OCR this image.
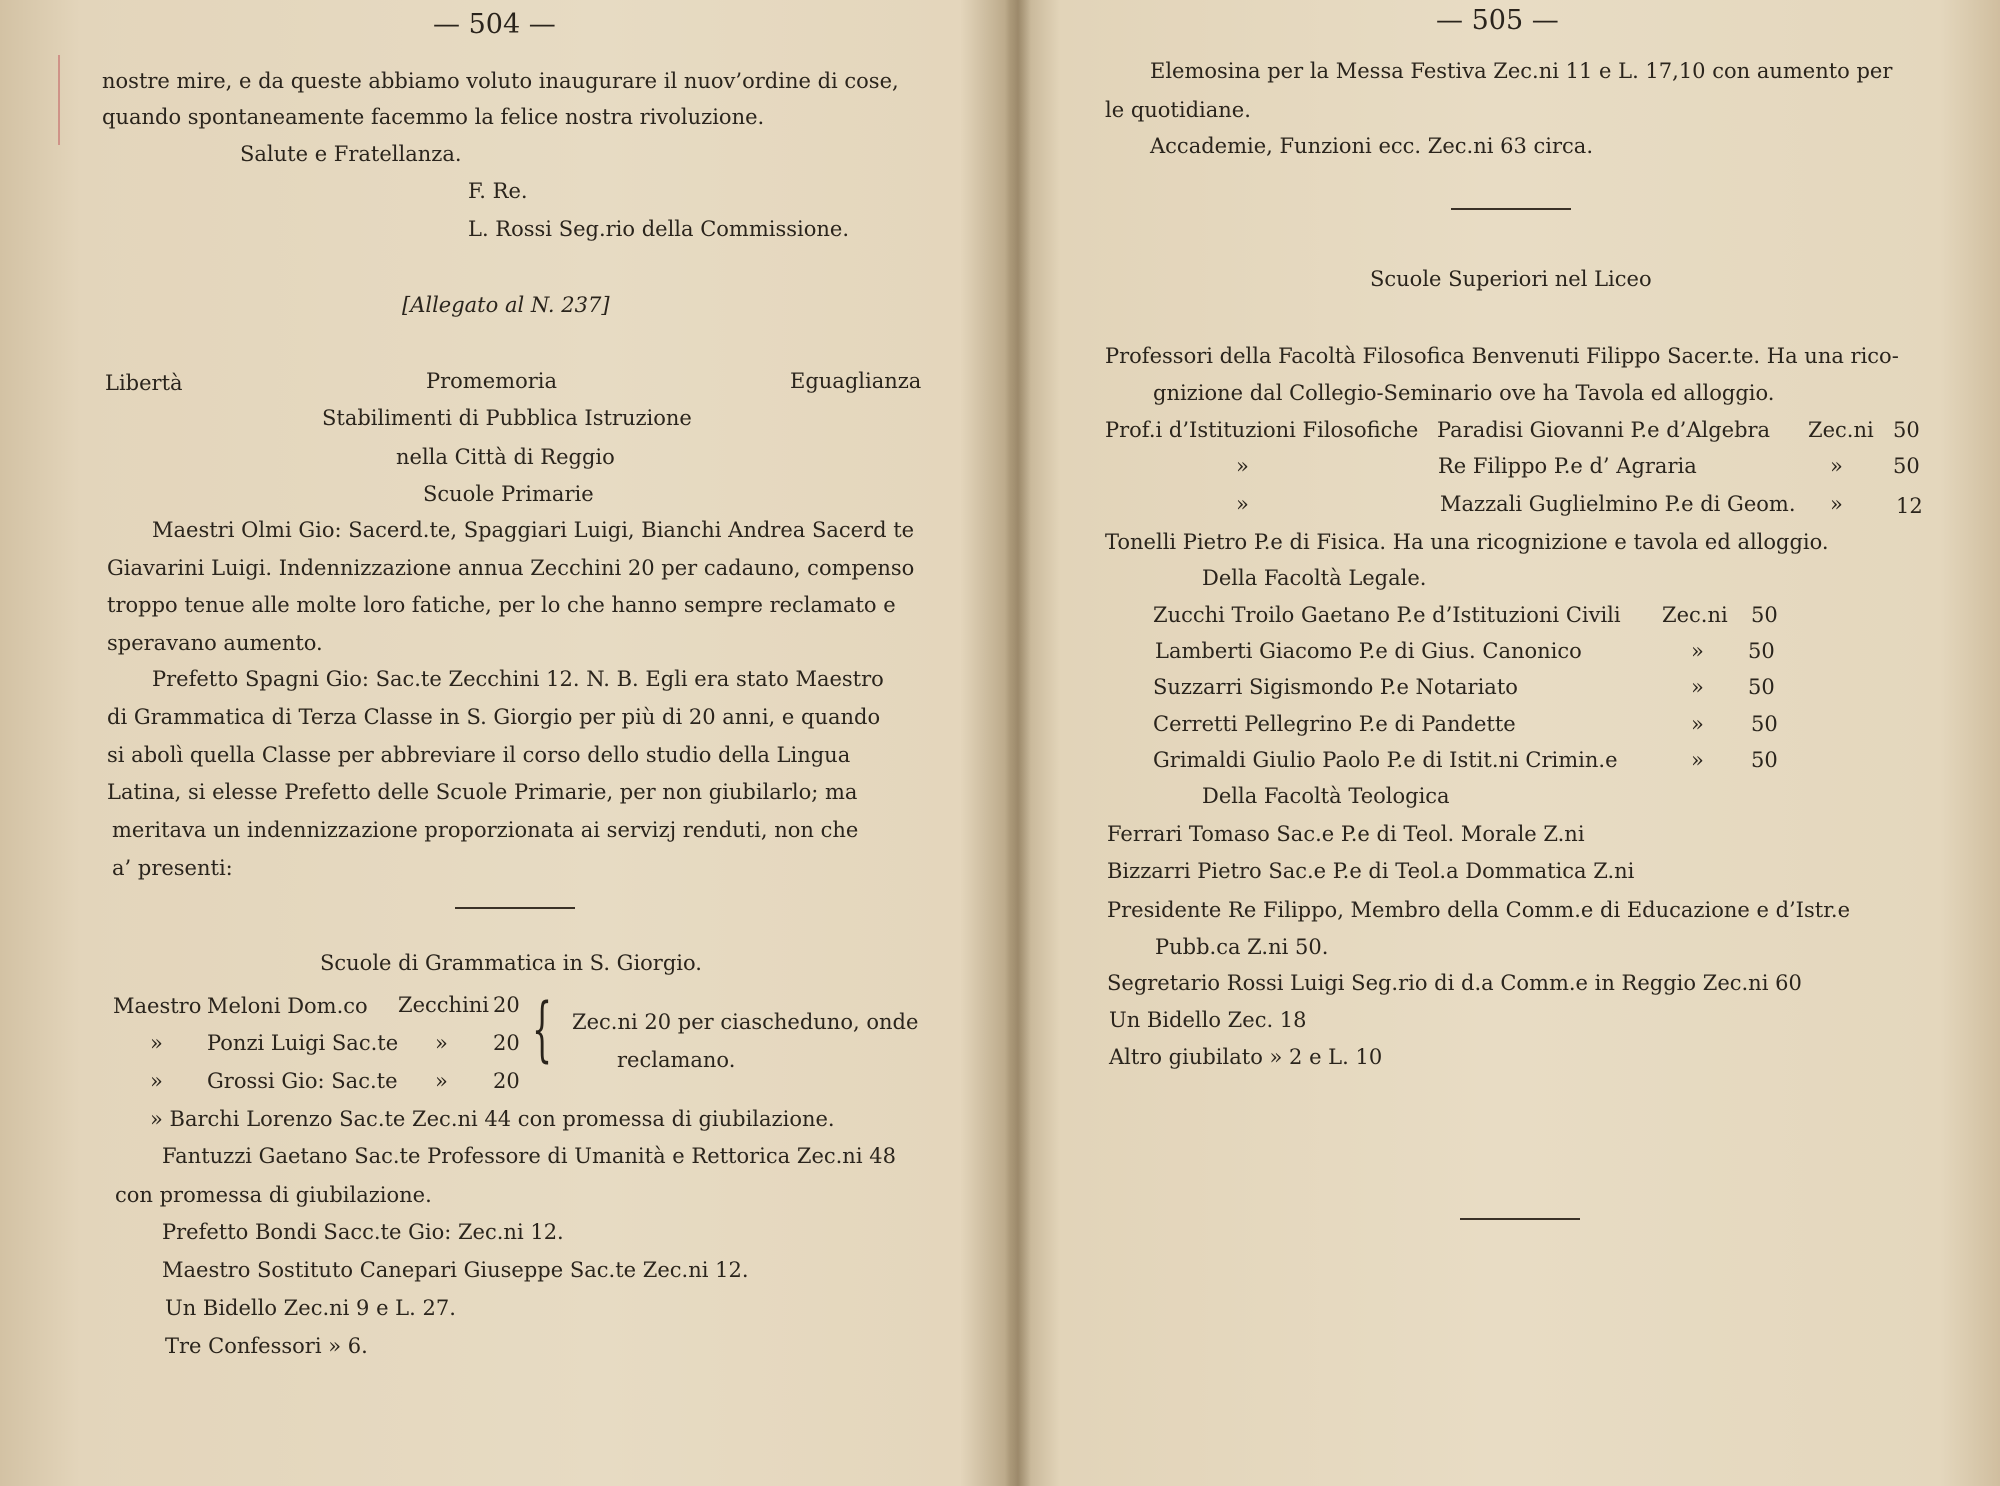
— 504 —
nostre mire, e da queste abbiamo voluto inaugurare il nuov’ordine di cose,
quando spontaneamente facemmo la felice nostra rivoluzione.
Salute e Fratellanza.
F. Re.
L. Rossi Seg.rio della Commissione.
[Allegato al N. 237]
Libertà	Promemoria	Eguaglianza
Stabilimenti di Pubblica Istruzione
nella Città di Reggio
Scuole Primarie
Maestri Olmi Gio: Sacerd.te, Spaggiari Luigi, Bianchi Andrea Sacerd te
Giavarini Luigi. Indennizzazione annua Zecchini 20 per cadauno, compenso
troppo tenue alle molte loro fatiche, per lo che hanno sempre reclamato e
speravano aumento.
Prefetto Spagni Gio: Sac.te Zecchini 12. N. B. Egli era stato Maestro
di Grammatica di Terza Classe in S. Giorgio per più di 20 anni, e quando
si abolì quella Classe per abbreviare il corso dello studio della Lingua
Latina, si elesse Prefetto delle Scuole Primarie, per non giubilarlo; ma
meritava un indennizzazione proporzionata ai servizj renduti, non che
a’ presenti:
Scuole di Grammatica in S. Giorgio.
Maestro Meloni Dom.co Zecchini 20
» Ponzi Luigi Sac.te » 20
» Grossi Gio: Sac.te » 20
{ Zec.ni 20 per ciascheduno, onde
reclamano.
» Barchi Lorenzo Sac.te Zec.ni 44 con promessa di giubilazione.
Fantuzzi Gaetano Sac.te Professore di Umanità e Rettorica Zec.ni 48
con promessa di giubilazione.
Prefetto Bondi Sacc.te Gio: Zec.ni 12.
Maestro Sostituto Canepari Giuseppe Sac.te Zec.ni 12.
Un Bidello Zec.ni 9 e L. 27.
Tre Confessori » 6.
— 505 —
Elemosina per la Messa Festiva Zec.ni 11 e L. 17,10 con aumento per
le quotidiane.
Accademie, Funzioni ecc. Zec.ni 63 circa.
Scuole Superiori nel Liceo
Professori della Facoltà Filosofica Benvenuti Filippo Sacer.te. Ha una rico-
gnizione dal Collegio-Seminario ove ha Tavola ed alloggio.
Prof.i d’Istituzioni Filosofiche Paradisi Giovanni P.e d’Algebra Zec.ni 50
»	Re Filippo P.e d’ Agraria	» 50
»	Mazzali Guglielmino P.e di Geom. »	12
Tonelli Pietro P.e di Fisica. Ha una ricognizione e tavola ed alloggio.
Della Facoltà Legale.
Zucchi Troilo Gaetano P.e d’Istituzioni Civili Zec.ni 50
Lamberti Giacomo P.e di Gius. Canonico	» 50
Suzzarri Sigismondo P.e Notariato	» 50
Cerretti Pellegrino P.e di Pandette	» 50
Grimaldi Giulio Paolo P.e di Istit.ni Crimin.e	» 50
Della Facoltà Teologica
Ferrari Tomaso Sac.e P.e di Teol. Morale Z.ni
Bizzarri Pietro Sac.e P.e di Teol.a Dommatica Z.ni
Presidente Re Filippo, Membro della Comm.e di Educazione e d’Istr.e
Pubb.ca Z.ni 50.
Segretario Rossi Luigi Seg.rio di d.a Comm.e in Reggio Zec.ni 60
Un Bidello Zec. 18
Altro giubilato » 2 e L. 10
